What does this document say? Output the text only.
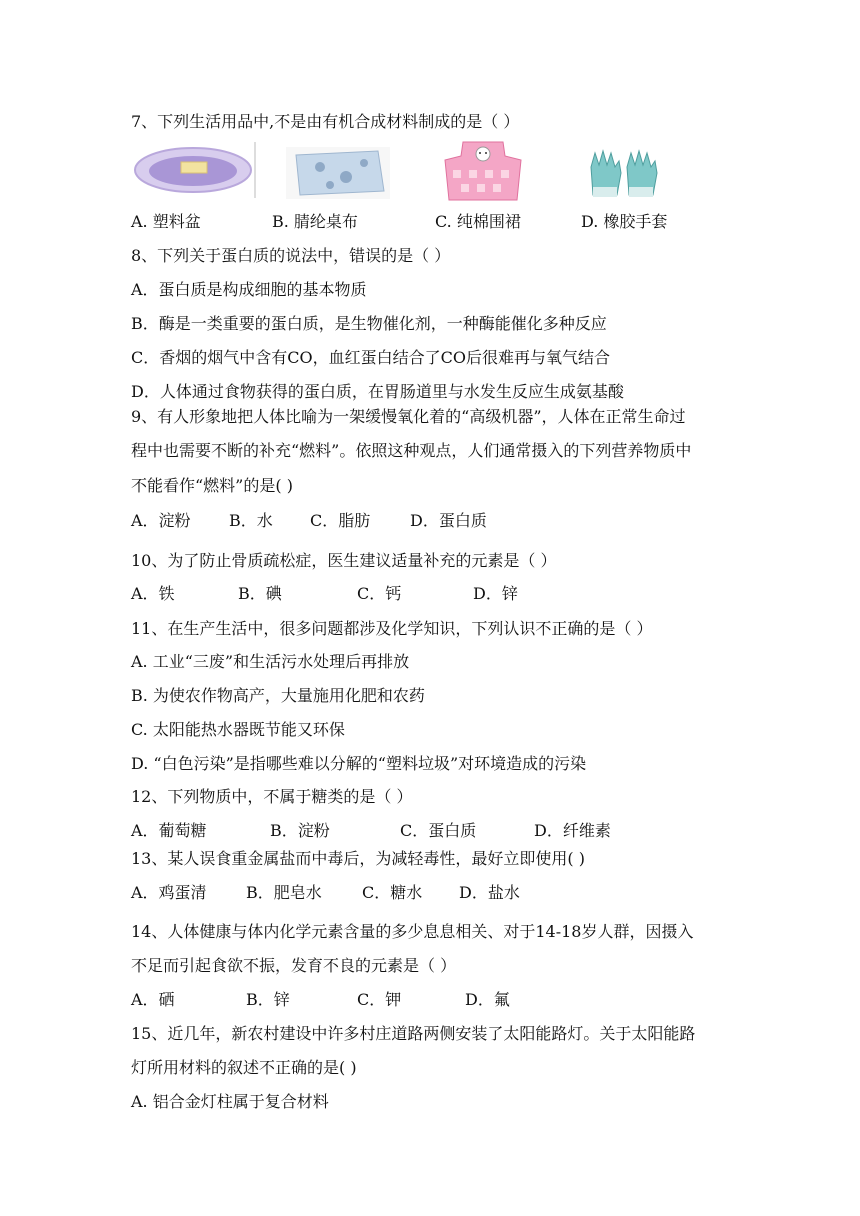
7、下列生活用品中,不是由有机合成材料制成的是（ ）
A. 塑料盆	B. 腈纶桌布	C. 纯棉围裙	D. 橡胶手套
8、下列关于蛋白质的说法中，错误的是（ ）
A．蛋白质是构成细胞的基本物质
B．酶是一类重要的蛋白质，是生物催化剂，一种酶能催化多种反应
C．香烟的烟气中含有CO，血红蛋白结合了CO后很难再与氧气结合
D．人体通过食物获得的蛋白质，在胃肠道里与水发生反应生成氨基酸
9、有人形象地把人体比喻为一架缓慢氧化着的“高级机器”，人体在正常生命过
程中也需要不断的补充“燃料”。依照这种观点，人们通常摄入的下列营养物质中
不能看作“燃料”的是( )
A．淀粉 B．水 C．脂肪 D．蛋白质
10、为了防止骨质疏松症，医生建议适量补充的元素是（ ）
A．铁	B．碘	C．钙	D．锌
11、在生产生活中，很多问题都涉及化学知识，下列认识不正确的是（ ）
A. 工业“三废”和生活污水处理后再排放
B. 为使农作物高产，大量施用化肥和农药
C. 太阳能热水器既节能又环保
D. “白色污染”是指哪些难以分解的“塑料垃圾”对环境造成的污染
12、下列物质中，不属于糖类的是（ ）
A．葡萄糖	B．淀粉	C．蛋白质	D．纤维素
13、某人误食重金属盐而中毒后，为减轻毒性，最好立即使用( )
A．鸡蛋清 B．肥皂水	C．糖水 D．盐水
14、人体健康与体内化学元素含量的多少息息相关、对于14-18岁人群，因摄入
不足而引起食欲不振，发育不良的元素是（ ）
A．硒	B．锌	C．钾	D．氟
15、近几年，新农村建设中许多村庄道路两侧安装了太阳能路灯。关于太阳能路
灯所用材料的叙述不正确的是( )
A. 铝合金灯柱属于复合材料
